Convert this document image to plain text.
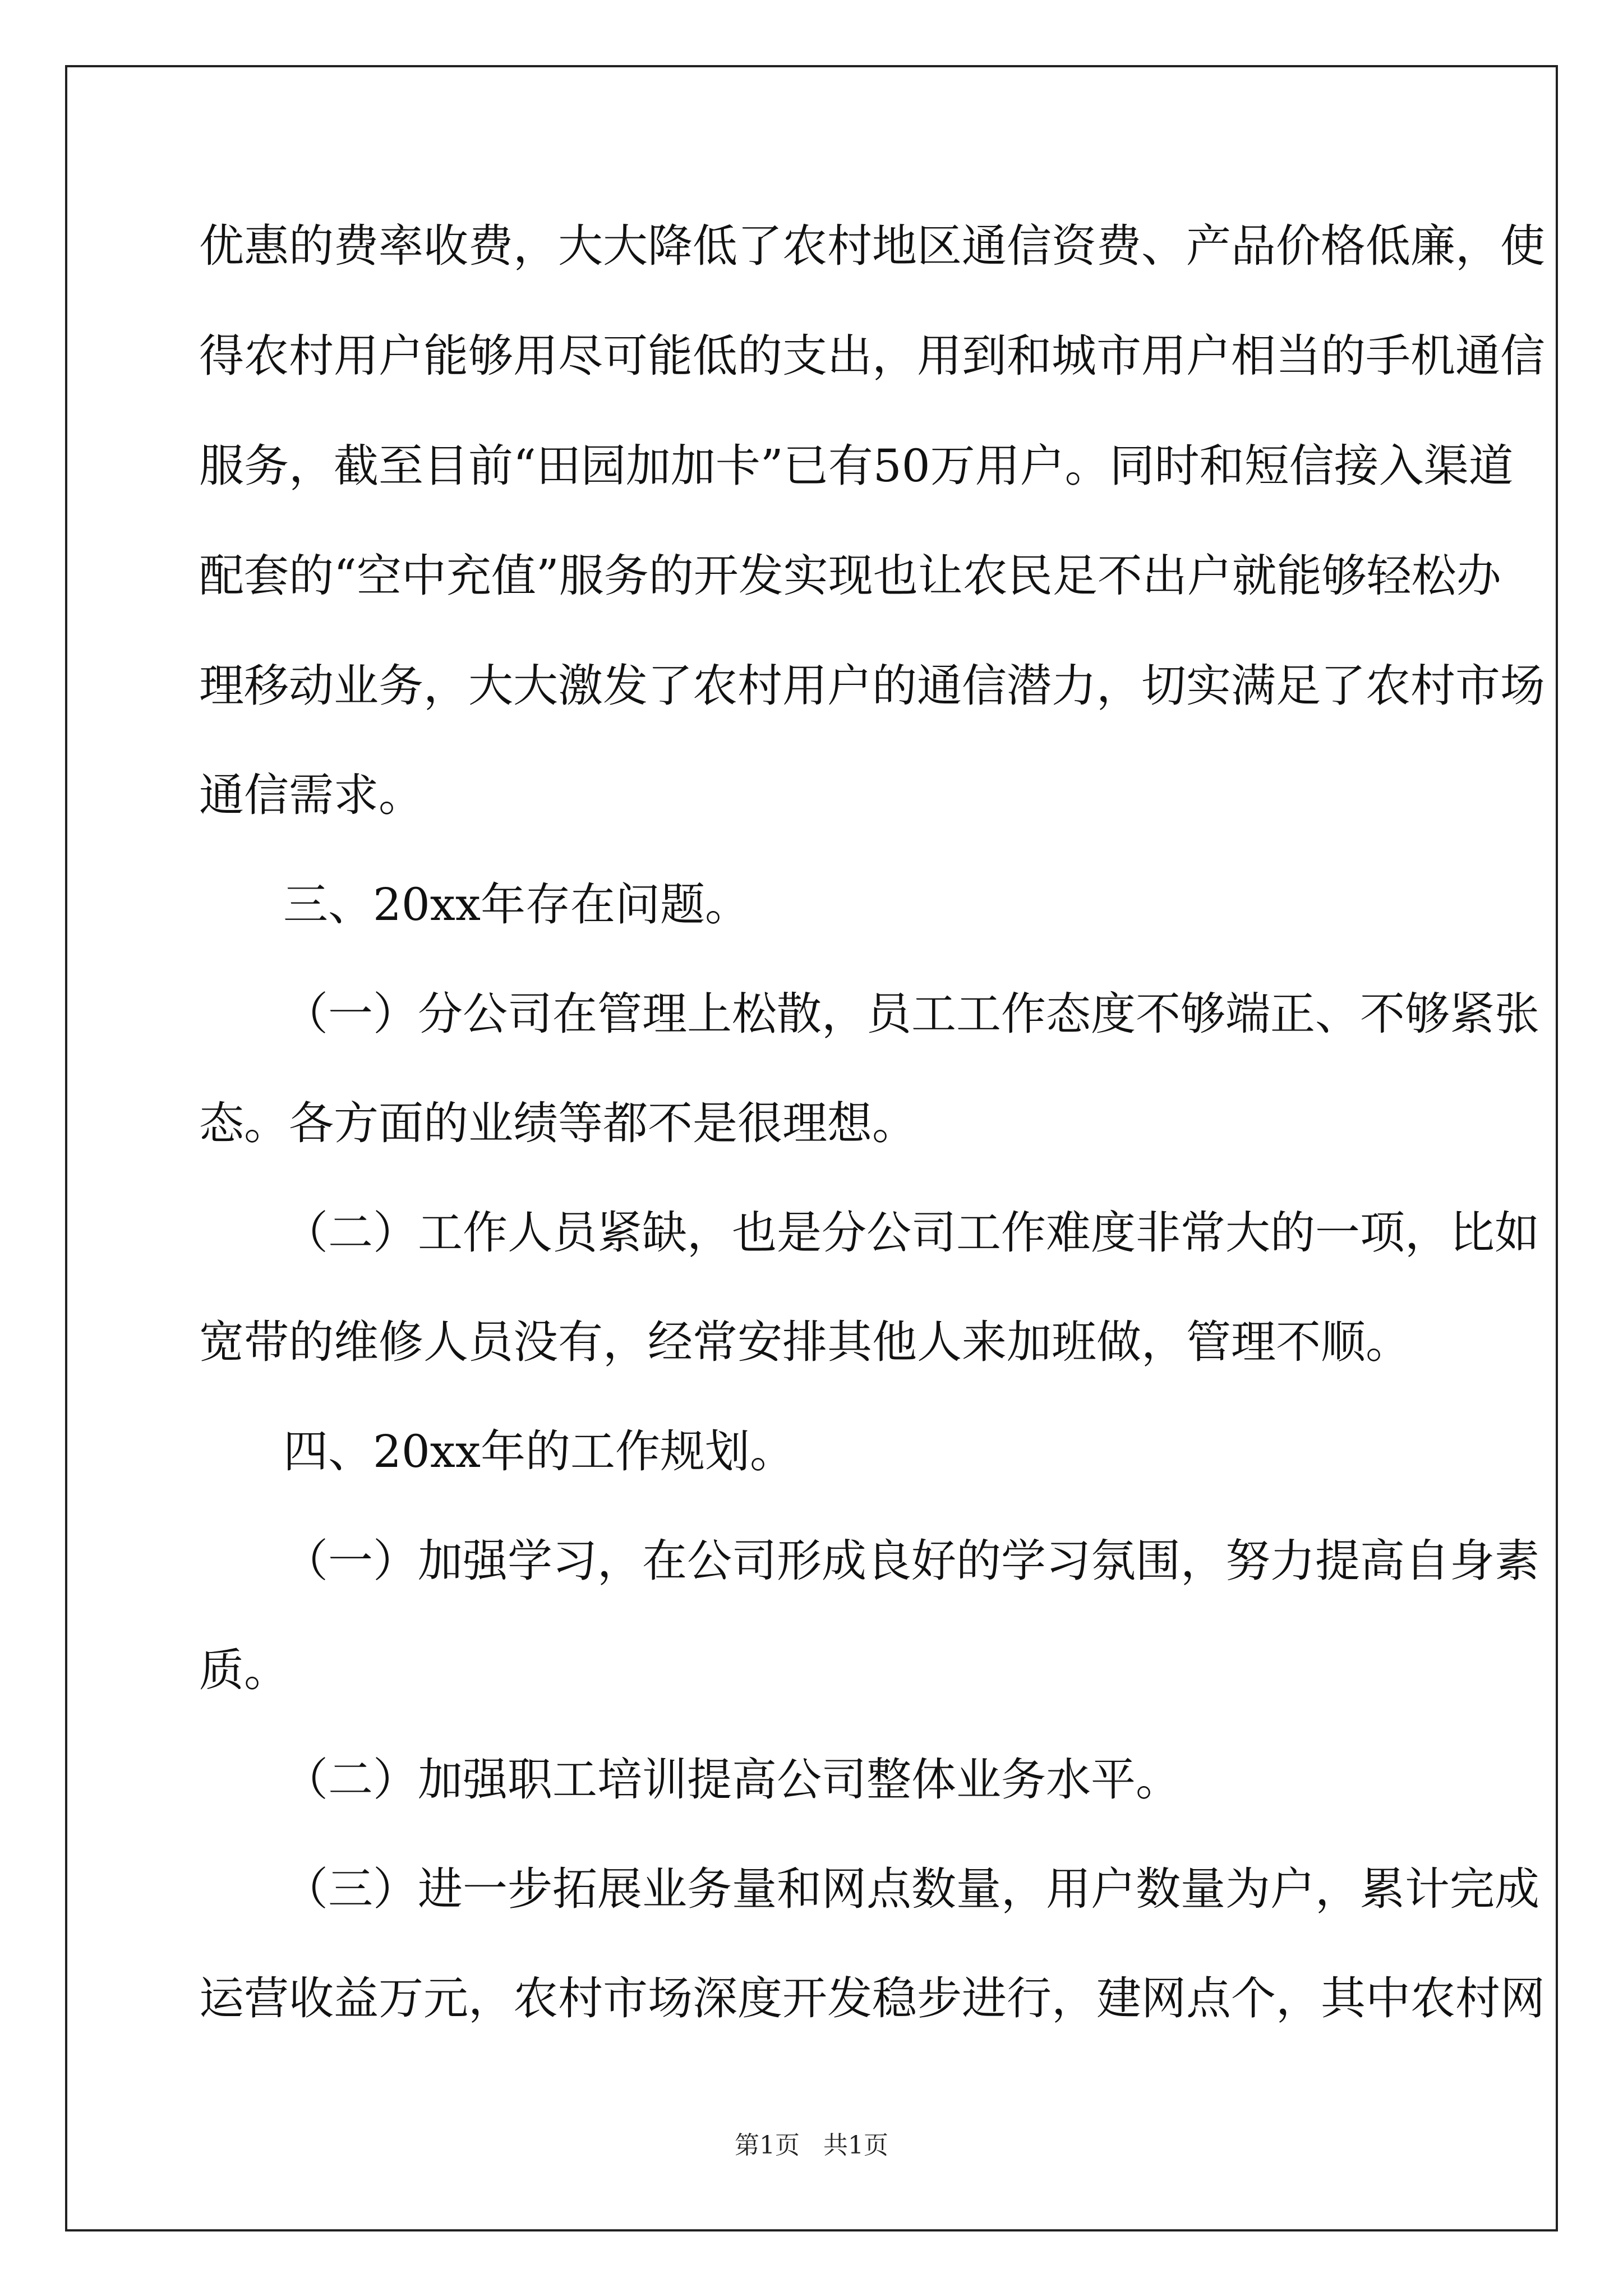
优惠的费率收费，大大降低了农村地区通信资费、产品价格低廉，使
得农村用户能够用尽可能低的支出，用到和城市用户相当的手机通信
服务，截至目前“田园加加卡”已有50万用户。同时和短信接入渠道
配套的“空中充值”服务的开发实现也让农民足不出户就能够轻松办
理移动业务，大大激发了农村用户的通信潜力，切实满足了农村市场
通信需求。
三、20xx年存在问题。
（一）分公司在管理上松散，员工工作态度不够端正、不够紧张
态。各方面的业绩等都不是很理想。
（二）工作人员紧缺，也是分公司工作难度非常大的一项，比如
宽带的维修人员没有，经常安排其他人来加班做，管理不顺。
四、20xx年的工作规划。
（一）加强学习，在公司形成良好的学习氛围，努力提高自身素
质。
（二）加强职工培训提高公司整体业务水平。
（三）进一步拓展业务量和网点数量，用户数量为户，累计完成
运营收益万元，农村市场深度开发稳步进行，建网点个，其中农村网
第1页   共1页
